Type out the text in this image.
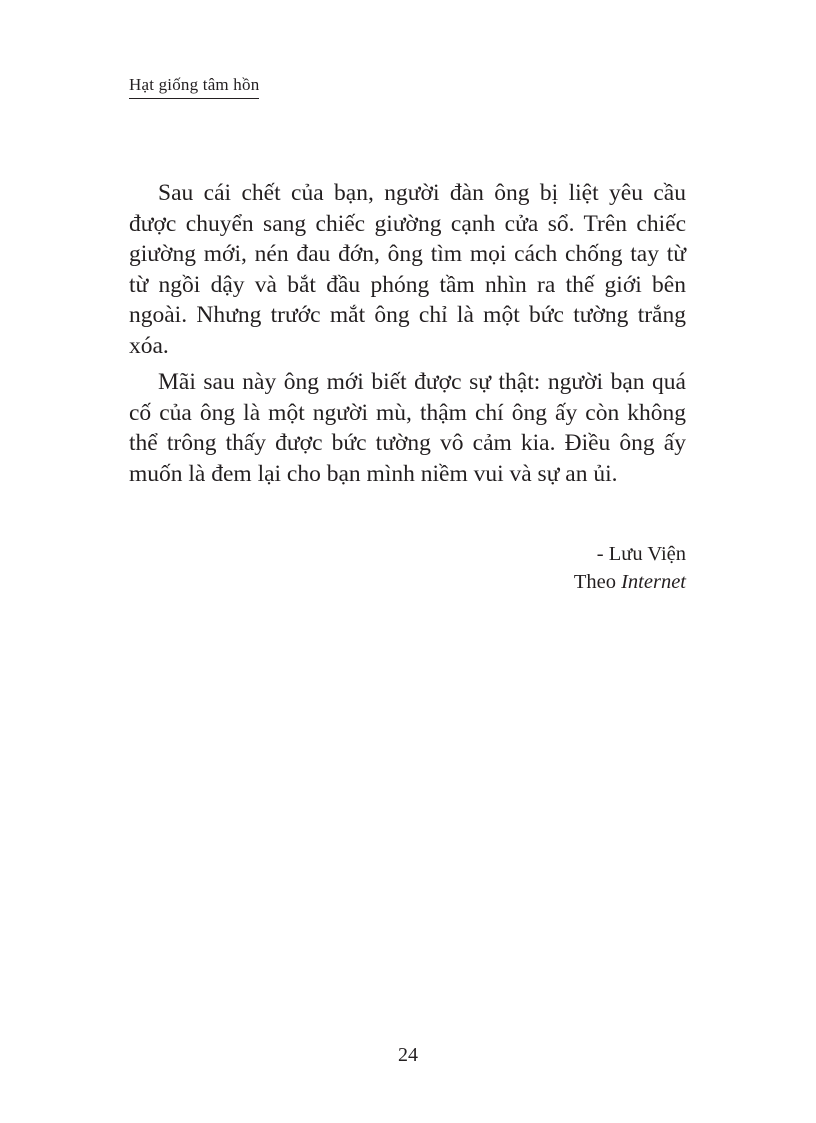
Hạt giống tâm hồn

Sau cái chết của bạn, người đàn ông bị liệt yêu cầu được chuyển sang chiếc giường cạnh cửa sổ. Trên chiếc giường mới, nén đau đớn, ông tìm mọi cách chống tay từ từ ngồi dậy và bắt đầu phóng tầm nhìn ra thế giới bên ngoài. Nhưng trước mắt ông chỉ là một bức tường trắng xóa.

Mãi sau này ông mới biết được sự thật: người bạn quá cố của ông là một người mù, thậm chí ông ấy còn không thể trông thấy được bức tường vô cảm kia. Điều ông ấy muốn là đem lại cho bạn mình niềm vui và sự an ủi.

- Lưu Viện
Theo Internet
24
